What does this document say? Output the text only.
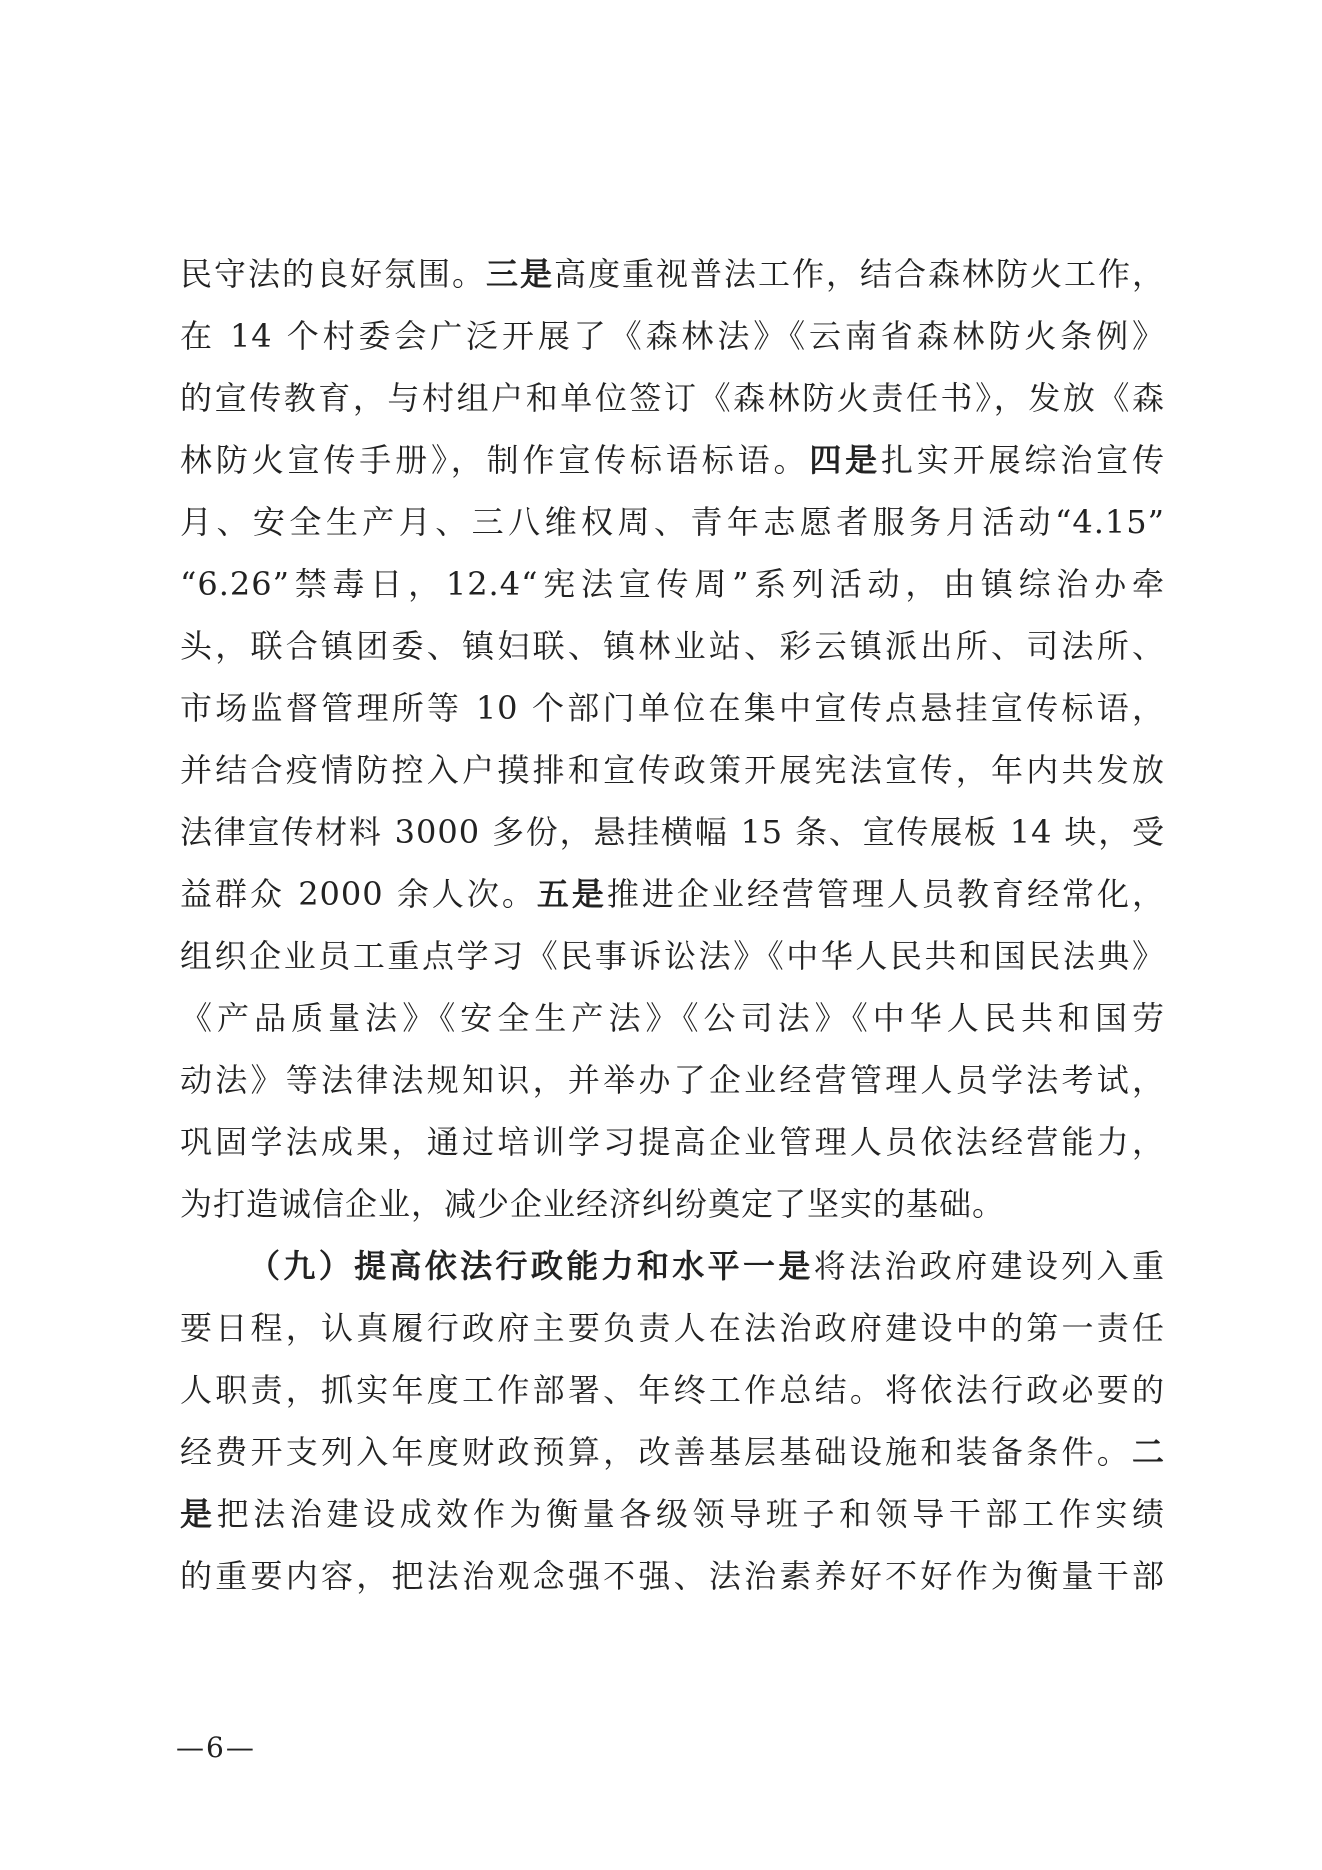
民守法的良好氛围。三是高度重视普法工作，结合森林防火工作，
在 14 个村委会广泛开展了《森林法》《云南省森林防火条例》
的宣传教育，与村组户和单位签订《森林防火责任书》，发放《森
林防火宣传手册》，制作宣传标语标语。四是扎实开展综治宣传
月、安全生产月、三八维权周、青年志愿者服务月活动“4.15”
“6.26”禁毒日，12.4“宪法宣传周”系列活动，由镇综治办牵
头，联合镇团委、镇妇联、镇林业站、彩云镇派出所、司法所、
市场监督管理所等 10 个部门单位在集中宣传点悬挂宣传标语，
并结合疫情防控入户摸排和宣传政策开展宪法宣传，年内共发放
法律宣传材料 3000 多份，悬挂横幅 15 条、宣传展板 14 块，受
益群众 2000 余人次。五是推进企业经营管理人员教育经常化，
组织企业员工重点学习《民事诉讼法》《中华人民共和国民法典》
《产品质量法》《安全生产法》《公司法》《中华人民共和国劳
动法》等法律法规知识，并举办了企业经营管理人员学法考试，
巩固学法成果，通过培训学习提高企业管理人员依法经营能力，
为打造诚信企业，减少企业经济纠纷奠定了坚实的基础。
（九）提高依法行政能力和水平一是将法治政府建设列入重
要日程，认真履行政府主要负责人在法治政府建设中的第一责任
人职责，抓实年度工作部署、年终工作总结。将依法行政必要的
经费开支列入年度财政预算，改善基层基础设施和装备条件。二
是把法治建设成效作为衡量各级领导班子和领导干部工作实绩
的重要内容，把法治观念强不强、法治素养好不好作为衡量干部
—6—
